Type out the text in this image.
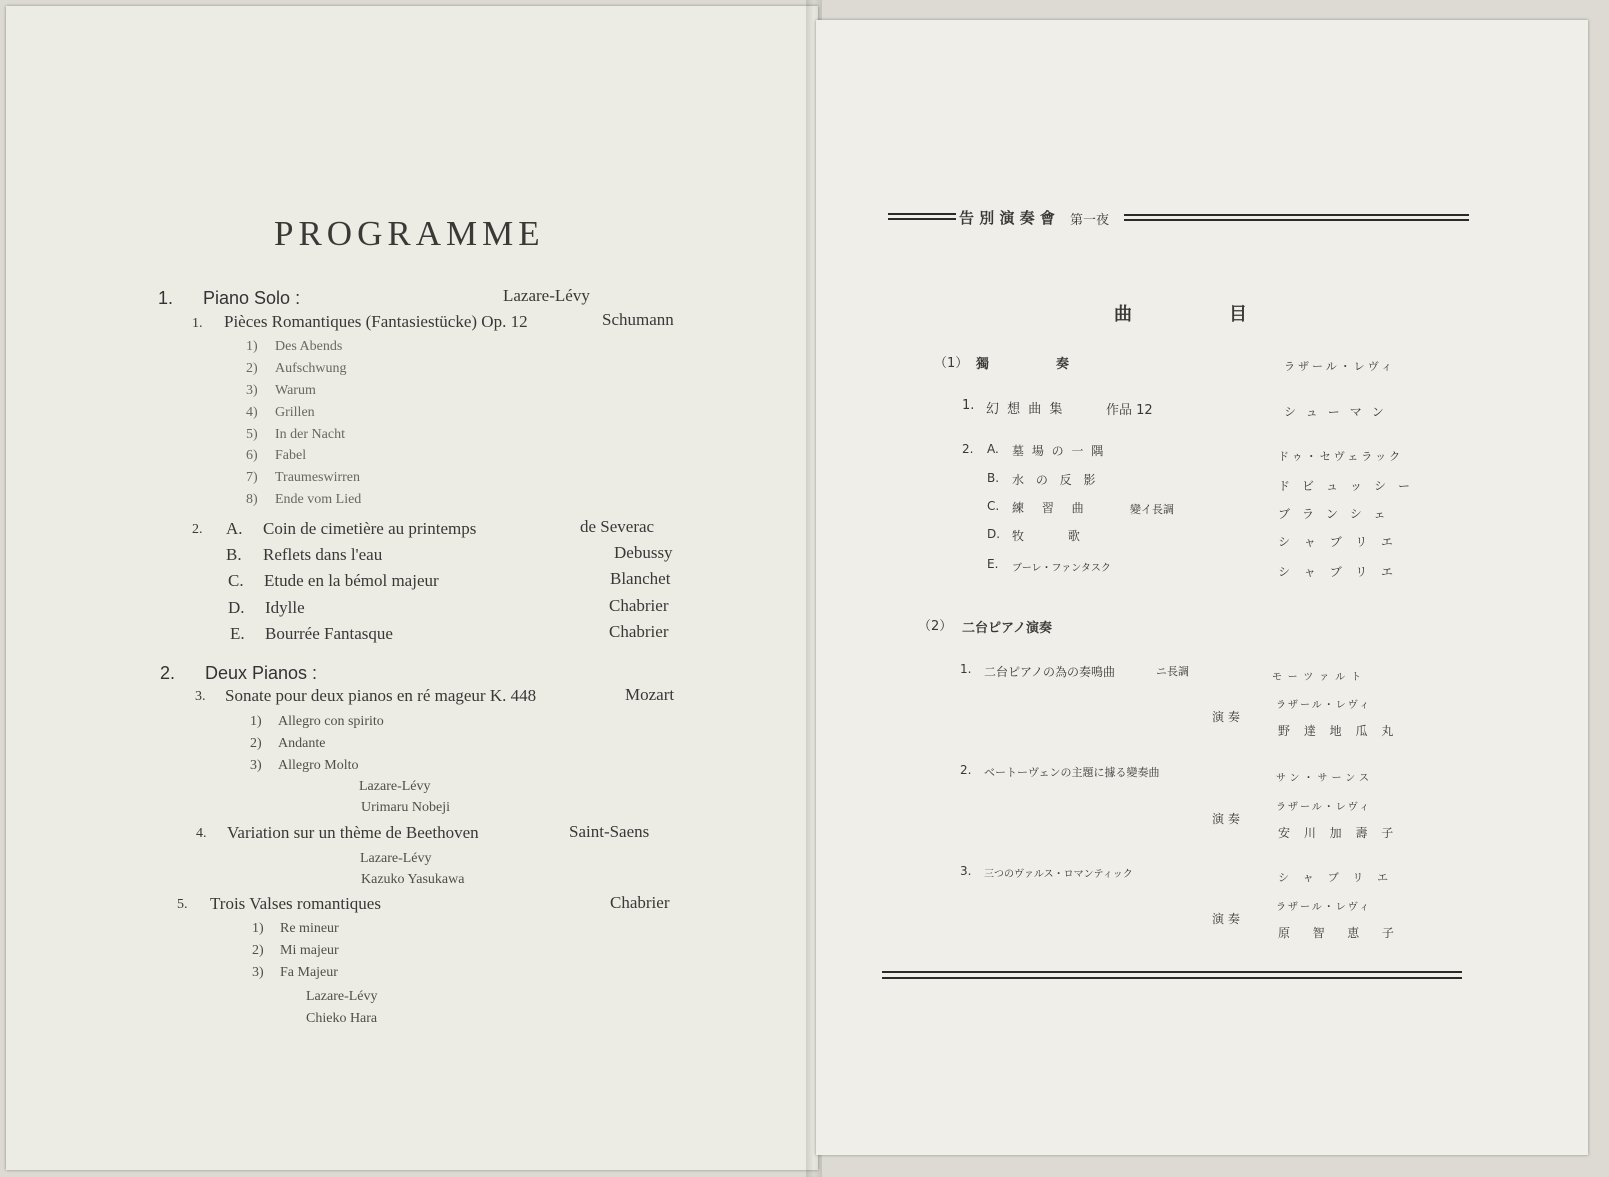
PROGRAMME
1. Piano Solo :	Lazare-Lévy
1. Pièces Romantiques (Fantasiestücke) Op. 12	Schumann
1) Des Abends
2) Aufschwung
3) Warum
4) Grillen
5) In der Nacht
6) Fabel
7) Traumeswirren
8) Ende vom Lied
2. A. Coin de cimetière au printemps	de Severac
B. Reflets dans l'eau	Debussy
C. Etude en la bémol majeur	Blanchet
D. Idylle	Chabrier
E. Bourrée Fantasque	Chabrier
2. Deux Pianos :
3. Sonate pour deux pianos en ré mageur K. 448	Mozart
1) Allegro con spirito
2) Andante
3) Allegro Molto
Lazare-Lévy
Urimaru Nobeji
4. Variation sur un thème de Beethoven	Saint-Saens
Lazare-Lévy
Kazuko Yasukawa
5. Trois Valses romantiques	Chabrier
1) Re mineur
2) Mi majeur
3) Fa Majeur
Lazare-Lévy
Chieko Hara
告 別 演 奏 會 第一夜
曲	目
（1） 獨	奏	ラザール・レヴィ
1. 幻 想 曲 集	作品 12	シューマン
2. A. 墓 場 の 一 隅	ドゥ・セヴェラック
B. 水 の 反 影	ドビュッシー
C. 練 習 曲	變イ長調	ブランシェ
D. 牧      歌	シャブリエ
E. ブーレ・ファンタスク	シャブリエ
（2） 二台ピアノ演奏
1. 二台ピアノの為の奏鳴曲	ニ長調	モーツァルト
演 奏
ラザール・レヴィ
野 達 地 瓜 丸
2. ベートーヴェンの主題に據る變奏曲	サン・サーンス
演 奏
ラザール・レヴィ
安 川 加 壽 子
3. 三つのヴァルス・ロマンティック	シャブリエ
演 奏
ラザール・レヴィ
原  智  恵  子
